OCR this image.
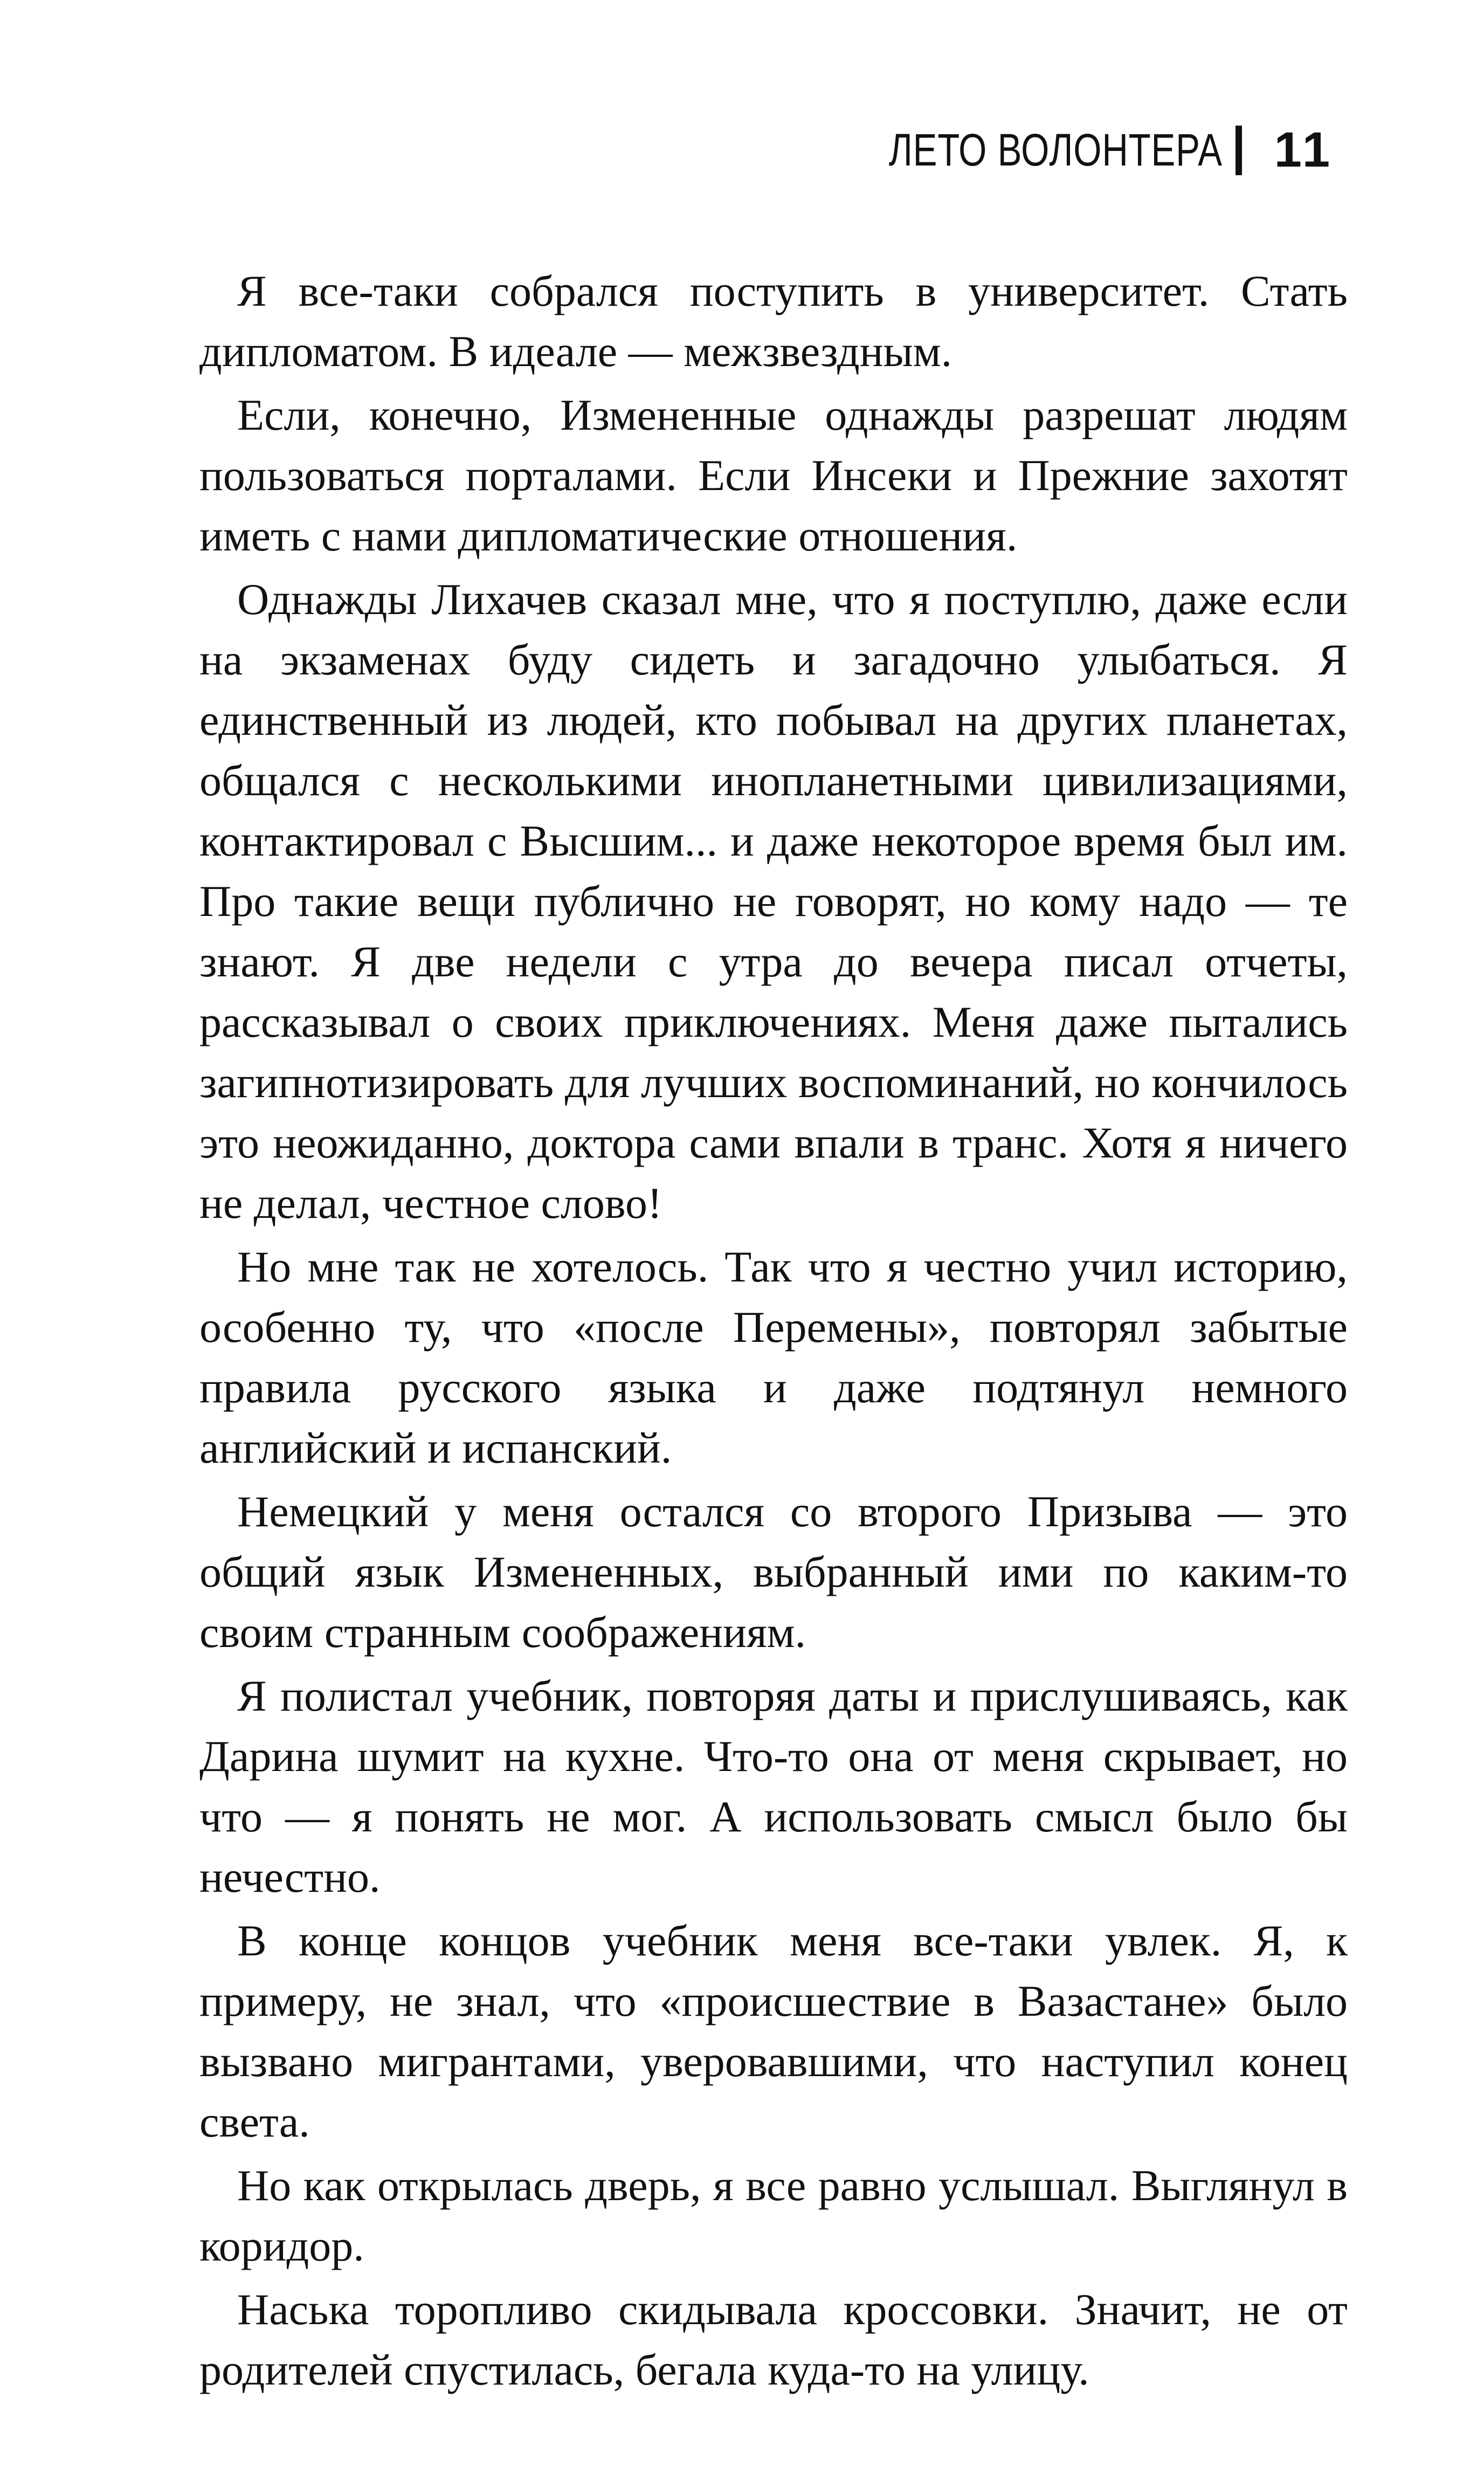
ЛЕТО ВОЛОНТЕРА 11

Я все-таки собрался поступить в университет. Стать дипломатом. В идеале — межзвездным.

Если, конечно, Измененные однажды разрешат людям пользоваться порталами. Если Инсеки и Прежние захотят иметь с нами дипломатические отношения.

Однажды Лихачев сказал мне, что я поступлю, даже если на экзаменах буду сидеть и загадочно улыбаться. Я единственный из людей, кто побывал на других планетах, общался с несколькими инопланетными цивилизациями, контактировал с Высшим... и даже некоторое время был им. Про такие вещи публично не говорят, но кому надо — те знают. Я две недели с утра до вечера писал отчеты, рассказывал о своих приключениях. Меня даже пытались загипнотизировать для лучших воспоминаний, но кончилось это неожиданно, доктора сами впали в транс. Хотя я ничего не делал, честное слово!

Но мне так не хотелось. Так что я честно учил историю, особенно ту, что «после Перемены», повторял забытые правила русского языка и даже подтянул немного английский и испанский.

Немецкий у меня остался со второго Призыва — это общий язык Измененных, выбранный ими по каким-то своим странным соображениям.

Я полистал учебник, повторяя даты и прислушиваясь, как Дарина шумит на кухне. Что-то она от меня скрывает, но что — я понять не мог. А использовать смысл было бы нечестно.

В конце концов учебник меня все-таки увлек. Я, к примеру, не знал, что «происшествие в Вазастане» было вызвано мигрантами, уверовавшими, что наступил конец света.

Но как открылась дверь, я все равно услышал. Выглянул в коридор.

Наська торопливо скидывала кроссовки. Значит, не от родителей спустилась, бегала куда-то на улицу.
